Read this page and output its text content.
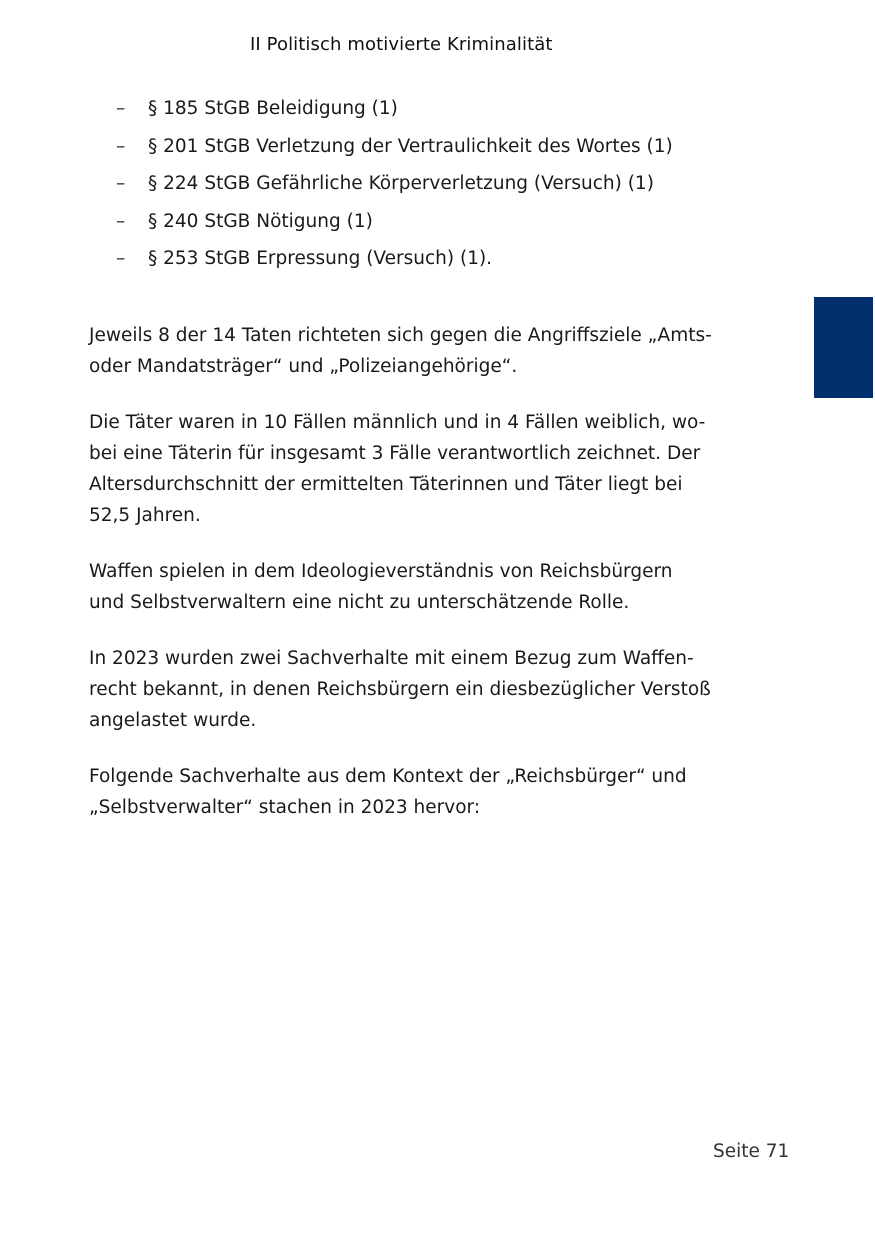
II Politisch motivierte Kriminalität
–	§ 185 StGB Beleidigung (1)
–	§ 201 StGB Verletzung der Vertraulichkeit des Wortes (1)
–	§ 224 StGB Gefährliche Körperverletzung (Versuch) (1)
–	§ 240 StGB Nötigung (1)
–	§ 253 StGB Erpressung (Versuch) (1).

Jeweils 8 der 14 Taten richteten sich gegen die Angriffsziele „Amts-
oder Mandatsträger“ und „Polizeiangehörige“.

Die Täter waren in 10 Fällen männlich und in 4 Fällen weiblich, wo-
bei eine Täterin für insgesamt 3 Fälle verantwortlich zeichnet. Der
Altersdurchschnitt der ermittelten Täterinnen und Täter liegt bei
52,5 Jahren.

Waffen spielen in dem Ideologieverständnis von Reichsbürgern
und Selbstverwaltern eine nicht zu unterschätzende Rolle.

In 2023 wurden zwei Sachverhalte mit einem Bezug zum Waffen-
recht bekannt, in denen Reichsbürgern ein diesbezüglicher Verstoß
angelastet wurde.

Folgende Sachverhalte aus dem Kontext der „Reichsbürger“ und
„Selbstverwalter“ stachen in 2023 hervor:

Seite 71
